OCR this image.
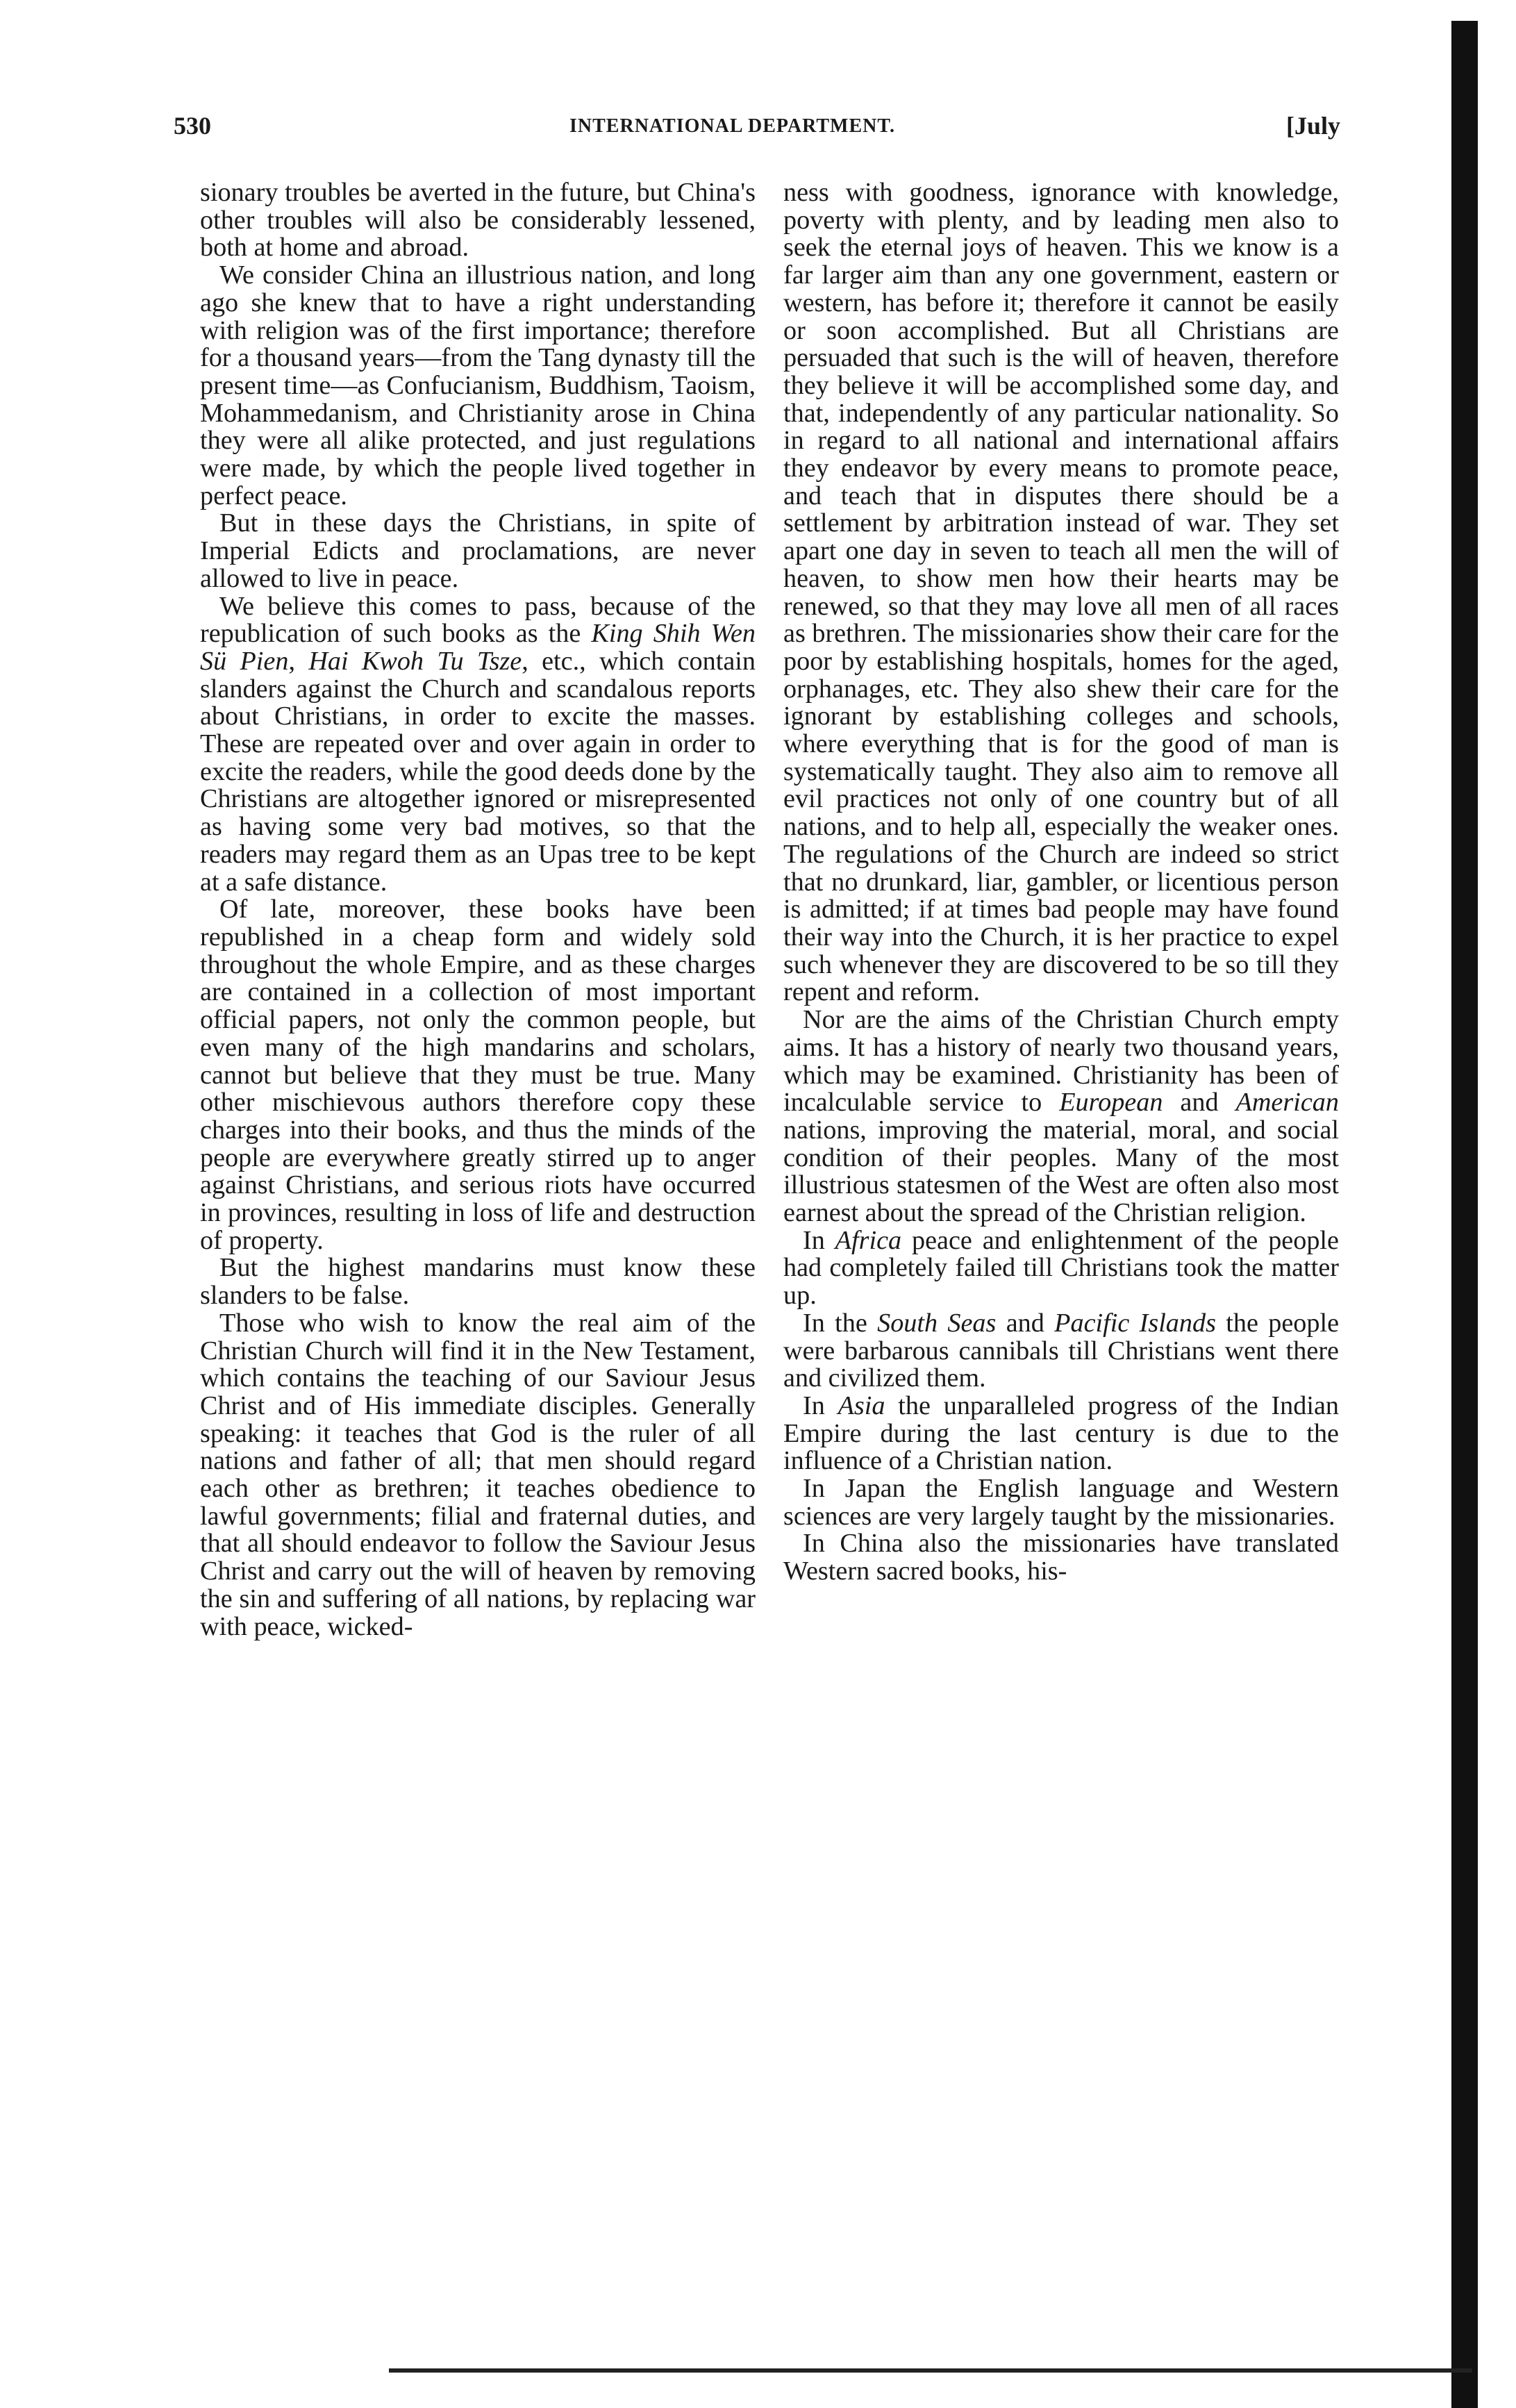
530	INTERNATIONAL DEPARTMENT.	[July

sionary troubles be averted in the future, but China's other troubles will also be considerably lessened, both at home and abroad.

We consider China an illustrious nation, and long ago she knew that to have a right understanding with religion was of the first importance; therefore for a thousand years—from the Tang dynasty till the present time—as Confucianism, Buddhism, Taoism, Mohammedanism, and Christianity arose in China they were all alike protected, and just regulations were made, by which the people lived together in perfect peace.

But in these days the Christians, in spite of Imperial Edicts and proclamations, are never allowed to live in peace.

We believe this comes to pass, because of the republication of such books as the King Shih Wen Sü Pien, Hai Kwoh Tu Tsze, etc., which contain slanders against the Church and scandalous reports about Christians, in order to excite the masses. These are repeated over and over again in order to excite the readers, while the good deeds done by the Christians are altogether ignored or misrepresented as having some very bad motives, so that the readers may regard them as an Upas tree to be kept at a safe distance.

Of late, moreover, these books have been republished in a cheap form and widely sold throughout the whole Empire, and as these charges are contained in a collection of most important official papers, not only the common people, but even many of the high mandarins and scholars, cannot but believe that they must be true. Many other mischievous authors therefore copy these charges into their books, and thus the minds of the people are everywhere greatly stirred up to anger against Christians, and serious riots have occurred in provinces, resulting in loss of life and destruction of property.

But the highest mandarins must know these slanders to be false.

Those who wish to know the real aim of the Christian Church will find it in the New Testament, which contains the teaching of our Saviour Jesus Christ and of His immediate disciples. Generally speaking: it teaches that God is the ruler of all nations and father of all; that men should regard each other as brethren; it teaches obedience to lawful governments; filial and fraternal duties, and that all should endeavor to follow the Saviour Jesus Christ and carry out the will of heaven by removing the sin and suffering of all nations, by replacing war with peace, wicked-

ness with goodness, ignorance with knowledge, poverty with plenty, and by leading men also to seek the eternal joys of heaven. This we know is a far larger aim than any one government, eastern or western, has before it; therefore it cannot be easily or soon accomplished. But all Christians are persuaded that such is the will of heaven, therefore they believe it will be accomplished some day, and that, independently of any particular nationality. So in regard to all national and international affairs they endeavor by every means to promote peace, and teach that in disputes there should be a settlement by arbitration instead of war. They set apart one day in seven to teach all men the will of heaven, to show men how their hearts may be renewed, so that they may love all men of all races as brethren. The missionaries show their care for the poor by establishing hospitals, homes for the aged, orphanages, etc. They also shew their care for the ignorant by establishing colleges and schools, where everything that is for the good of man is systematically taught. They also aim to remove all evil practices not only of one country but of all nations, and to help all, especially the weaker ones. The regulations of the Church are indeed so strict that no drunkard, liar, gambler, or licentious person is admitted; if at times bad people may have found their way into the Church, it is her practice to expel such whenever they are discovered to be so till they repent and reform.

Nor are the aims of the Christian Church empty aims. It has a history of nearly two thousand years, which may be examined. Christianity has been of incalculable service to European and American nations, improving the material, moral, and social condition of their peoples. Many of the most illustrious statesmen of the West are often also most earnest about the spread of the Christian religion.

In Africa peace and enlightenment of the people had completely failed till Christians took the matter up.

In the South Seas and Pacific Islands the people were barbarous cannibals till Christians went there and civilized them.

In Asia the unparalleled progress of the Indian Empire during the last century is due to the influence of a Christian nation.

In Japan the English language and Western sciences are very largely taught by the missionaries.

In China also the missionaries have translated Western sacred books, his-
